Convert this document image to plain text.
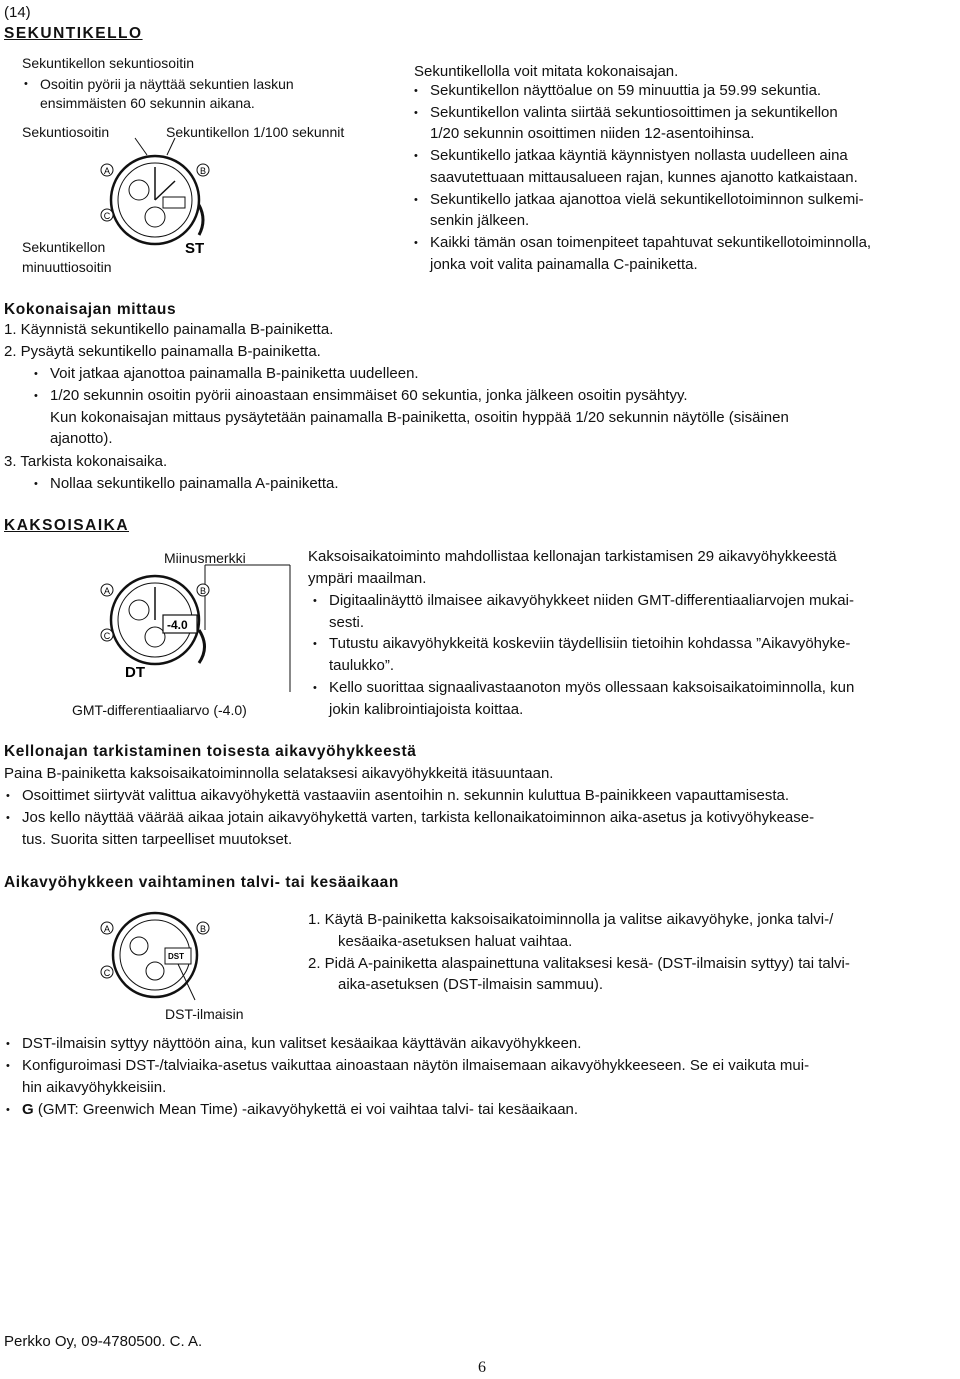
(14)
SEKUNTIKELLO
Sekuntikellon sekuntiosoitin
• Osoitin pyörii ja näyttää sekuntien laskun
ensimmäisten 60 sekunnin aikana.
Sekuntiosoitin	Sekuntikellon 1/100 sekunnit
Sekuntikellon
minuuttiosoitin
A	B
C
ST
Sekuntikellolla voit mitata kokonaisajan.
• Sekuntikellon näyttöalue on 59 minuuttia ja 59.99 sekuntia.
• Sekuntikellon valinta siirtää sekuntiosoittimen ja sekuntikellon
1/20 sekunnin osoittimen niiden 12-asentoihinsa.
• Sekuntikello jatkaa käyntiä käynnistyen nollasta uudelleen aina
saavutettuaan mittausalueen rajan, kunnes ajanotto katkaistaan.
• Sekuntikello jatkaa ajanottoa vielä sekuntikellotoiminnon sulkemi-
senkin jälkeen.
• Kaikki tämän osan toimenpiteet tapahtuvat sekuntikellotoiminnolla,
jonka voit valita painamalla C-painiketta.
Kokonaisajan mittaus
1. Käynnistä sekuntikello painamalla B-painiketta.
2. Pysäytä sekuntikello painamalla B-painiketta.
• Voit jatkaa ajanottoa painamalla B-painiketta uudelleen.
• 1/20 sekunnin osoitin pyörii ainoastaan ensimmäiset 60 sekuntia, jonka jälkeen osoitin pysähtyy.
Kun kokonaisajan mittaus pysäytetään painamalla B-painiketta, osoitin hyppää 1/20 sekunnin näytölle (sisäinen
ajanotto).
3. Tarkista kokonaisaika.
• Nollaa sekuntikello painamalla A-painiketta.
KAKSOISAIKA
Miinusmerkki
GMT-differentiaaliarvo (-4.0)
-4.0
A	B
C
DT
Kaksoisaikatoiminto mahdollistaa kellonajan tarkistamisen 29 aikavyöhykkeestä
ympäri maailman.
• Digitaalinäyttö ilmaisee aikavyöhykkeet niiden GMT-differentiaaliarvojen mukai-
sesti.
• Tutustu aikavyöhykkeitä koskeviin täydellisiin tietoihin kohdassa ”Aikavyöhyke-
taulukko”.
• Kello suorittaa signaalivastaanoton myös ollessaan kaksoisaikatoiminnolla, kun
jokin kalibrointiajoista koittaa.
Kellonajan tarkistaminen toisesta aikavyöhykkeestä
Paina B-painiketta kaksoisaikatoiminnolla selataksesi aikavyöhykkeitä itäsuuntaan.
• Osoittimet siirtyvät valittua aikavyöhykettä vastaaviin asentoihin n. sekunnin kuluttua B-painikkeen vapauttamisesta.
• Jos kello näyttää väärää aikaa jotain aikavyöhykettä varten, tarkista kellonaikatoiminnon aika-asetus ja kotivyöhykease-
tus. Suorita sitten tarpeelliset muutokset.
Aikavyöhykkeen vaihtaminen talvi- tai kesäaikaan
DST
A	B
C
DST-ilmaisin
1. Käytä B-painiketta kaksoisaikatoiminnolla ja valitse aikavyöhyke, jonka talvi-/
kesäaika-asetuksen haluat vaihtaa.
2. Pidä A-painiketta alaspainettuna valitaksesi kesä- (DST-ilmaisin syttyy) tai talvi-
aika-asetuksen (DST-ilmaisin sammuu).
• DST-ilmaisin syttyy näyttöön aina, kun valitset kesäaikaa käyttävän aikavyöhykkeen.
• Konfiguroimasi DST-/talviaika-asetus vaikuttaa ainoastaan näytön ilmaisemaan aikavyöhykkeeseen. Se ei vaikuta mui-
hin aikavyöhykkeisiin.
• G (GMT: Greenwich Mean Time) -aikavyöhykettä ei voi vaihtaa talvi- tai kesäaikaan.
Perkko Oy, 09-4780500. C. A.
6
